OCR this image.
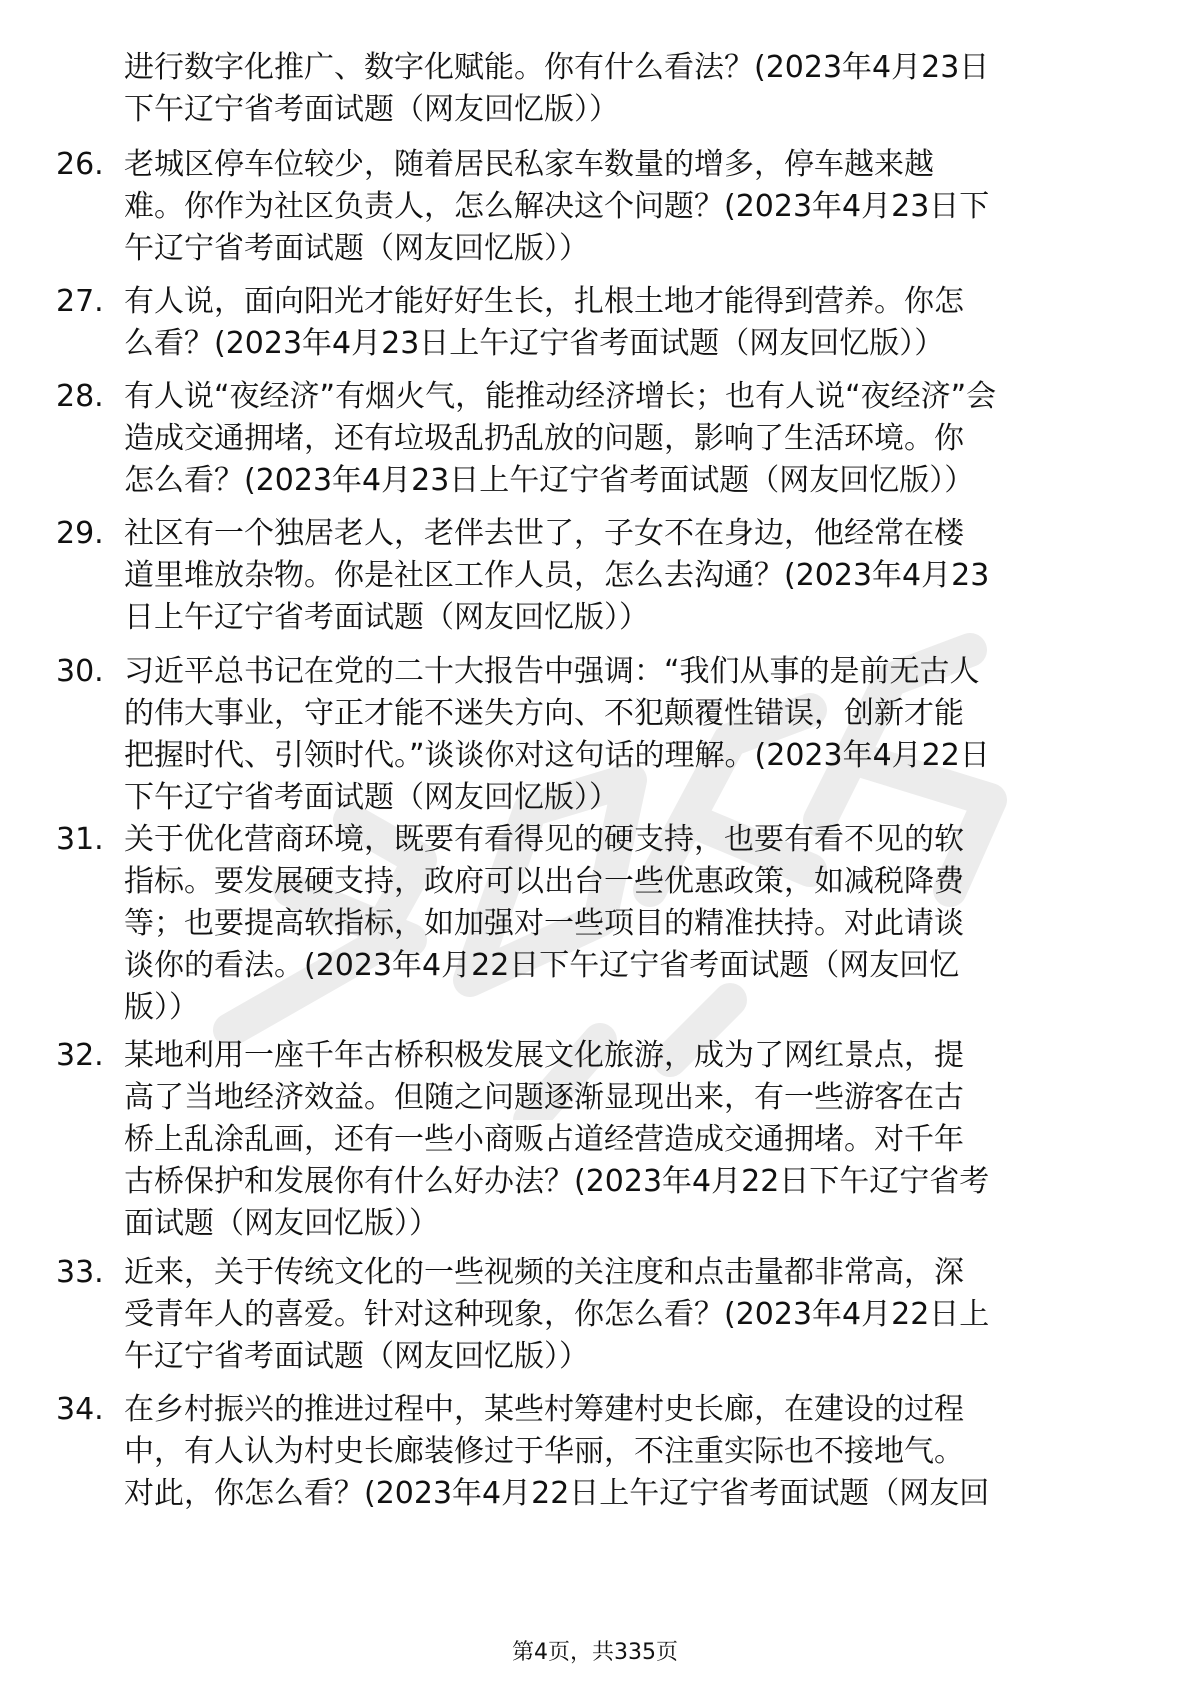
进行数字化推广、数字化赋能。你有什么看法？(2023年4月23日
下午辽宁省考面试题（网友回忆版））
26. 老城区停车位较少，随着居民私家车数量的增多，停车越来越
难。你作为社区负责人，怎么解决这个问题？(2023年4月23日下
午辽宁省考面试题（网友回忆版））
27. 有人说，面向阳光才能好好生长，扎根土地才能得到营养。你怎
么看？(2023年4月23日上午辽宁省考面试题（网友回忆版））
28. 有人说“夜经济”有烟火气，能推动经济增长；也有人说“夜经济”会
造成交通拥堵，还有垃圾乱扔乱放的问题，影响了生活环境。你
怎么看？(2023年4月23日上午辽宁省考面试题（网友回忆版））
29. 社区有一个独居老人，老伴去世了，子女不在身边，他经常在楼
道里堆放杂物。你是社区工作人员，怎么去沟通？(2023年4月23
日上午辽宁省考面试题（网友回忆版））
30. 习近平总书记在党的二十大报告中强调：“我们从事的是前无古人
的伟大事业，守正才能不迷失方向、不犯颠覆性错误，创新才能
把握时代、引领时代。”谈谈你对这句话的理解。(2023年4月22日
下午辽宁省考面试题（网友回忆版））
31. 关于优化营商环境，既要有看得见的硬支持，也要有看不见的软
指标。要发展硬支持，政府可以出台一些优惠政策，如减税降费
等；也要提高软指标，如加强对一些项目的精准扶持。对此请谈
谈你的看法。(2023年4月22日下午辽宁省考面试题（网友回忆
版））
32. 某地利用一座千年古桥积极发展文化旅游，成为了网红景点，提
高了当地经济效益。但随之问题逐渐显现出来，有一些游客在古
桥上乱涂乱画，还有一些小商贩占道经营造成交通拥堵。对千年
古桥保护和发展你有什么好办法？(2023年4月22日下午辽宁省考
面试题（网友回忆版））
33. 近来，关于传统文化的一些视频的关注度和点击量都非常高，深
受青年人的喜爱。针对这种现象，你怎么看？(2023年4月22日上
午辽宁省考面试题（网友回忆版））
34. 在乡村振兴的推进过程中，某些村筹建村史长廊，在建设的过程
中，有人认为村史长廊装修过于华丽，不注重实际也不接地气。
对此，你怎么看？(2023年4月22日上午辽宁省考面试题（网友回
第4页，共335页
